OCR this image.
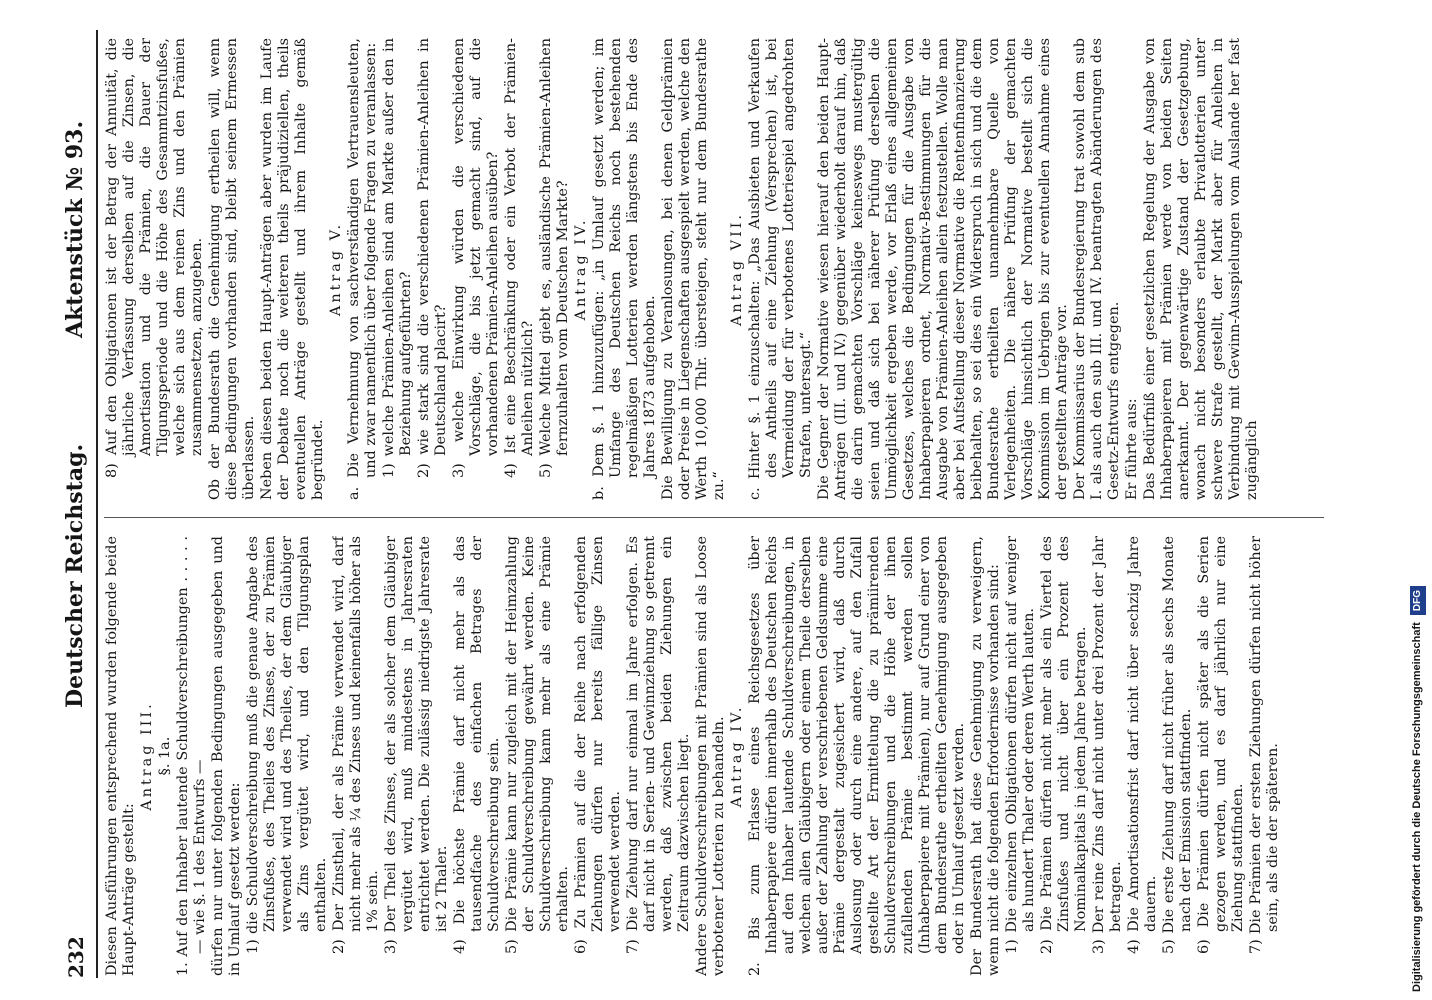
232
Deutscher Reichstag.
Aktenstück № 93.

Diesen Ausführungen entsprechend wurden folgende beide Haupt-Anträge gestellt:

Antrag III. §. 1a. 1. Auf den Inhaber lautende Schuldverschreibungen . . . . . — wie §. 1 des Entwurfs — dürfen nur unter folgenden Bedingungen ausgegeben und in Umlauf gesetzt werden: 1) die Schuldverschreibung muß die genaue Angabe des Zinsfußes, des Theiles des Zinses, der zu Prämien verwendet wird und des Theiles, der dem Gläubiger als Zins vergütet wird, und den Tilgungsplan enthalten. 2) Der Zinstheil, der als Prämie verwendet wird, darf nicht mehr als ¼ des Zinses und keinenfalls höher als 1% sein. 3) Der Theil des Zinses, der als solcher dem Gläubiger vergütet wird, muß mindestens in Jahresraten entrichtet werden. Die zulässig niedrigste Jahresrate ist 2 Thaler. 4) Die höchste Prämie darf nicht mehr als das tausendfache des einfachen Betrages der Schuldverschreibung sein. 5) Die Prämie kann nur zugleich mit der Heimzahlung der Schuldverschreibung gewährt werden. Keine Schuldverschreibung kann mehr als eine Prämie erhalten. 6) Zu Prämien auf die der Reihe nach erfolgenden Ziehungen dürfen nur bereits fällige Zinsen verwendet werden. 7) Die Ziehung darf nur einmal im Jahre erfolgen. Es darf nicht in Serien- und Gewinnziehung so getrennt werden, daß zwischen beiden Ziehungen ein Zeitraum dazwischen liegt. Andere Schuldverschreibungen mit Prämien sind als Loose verbotener Lotterien zu behandeln. Antrag IV. 2. Bis zum Erlasse eines Reichsgesetzes über Inhaberpapiere dürfen innerhalb des Deutschen Reichs auf den Inhaber lautende Schuldverschreibungen, in welchen allen Gläubigern oder einem Theile derselben außer der Zahlung der verschriebenen Geldsumme eine Prämie dergestalt zugesichert wird, daß durch Auslosung oder durch eine andere, auf den Zufall gestellte Art der Ermittelung die zu prämiirenden Schuldverschreibungen und die Höhe der ihnen zufallenden Prämie bestimmt werden sollen (Inhaberpapiere mit Prämien), nur auf Grund einer von dem Bundesrathe ertheilten Genehmigung ausgegeben oder in Umlauf gesetzt werden. Der Bundesrath hat diese Genehmigung zu verweigern, wenn nicht die folgenden Erfordernisse vorhanden sind: 1) Die einzelnen Obligationen dürfen nicht auf weniger als hundert Thaler oder deren Werth lauten. 2) Die Prämien dürfen nicht mehr als ein Viertel des Zinsfußes und nicht über ein Prozent des Nominalkapitals in jedem Jahre betragen. 3) Der reine Zins darf nicht unter drei Prozent der Jahr betragen. 4) Die Amortisationsfrist darf nicht über sechzig Jahre dauern. 5) Die erste Ziehung darf nicht früher als sechs Monate nach der Emission stattfinden. 6) Die Prämien dürfen nicht später als die Serien gezogen werden, und es darf jährlich nur eine Ziehung stattfinden. 7) Die Prämien der ersten Ziehungen dürfen nicht höher sein, als die der späteren.

8) Auf den Obligationen ist der Betrag der Annuität, die jährliche Verfassung derselben auf die Zinsen, die Amortisation und die Prämien, die Dauer der Tilgungsperiode und die Höhe des Gesammtzinsfußes, welche sich aus dem reinen Zins und den Prämien zusammensetzen, anzugeben. Ob der Bundesrath die Genehmigung ertheilen will, wenn diese Bedingungen vorhanden sind, bleibt seinem Ermessen überlassen. Neben diesen beiden Haupt-Anträgen aber wurden im Laufe der Debatte noch die weiteren theils präjudiziellen, theils eventuellen Anträge gestellt und ihrem Inhalte gemäß begründet.

Antrag V. a. Die Vernehmung von sachverständigen Vertrauensleuten, und zwar namentlich über folgende Fragen zu veranlassen: 1) welche Prämien-Anleihen sind am Markte außer den in Beziehung aufgeführten? 2) wie stark sind die verschiedenen Prämien-Anleihen in Deutschland placirt? 3) welche Einwirkung würden die verschiedenen Vorschläge, die bis jetzt gemacht sind, auf die vorhandenen Prämien-Anleihen ausüben? 4) Ist eine Beschränkung oder ein Verbot der Prämien-Anleihen nützlich? 5) Welche Mittel giebt es, ausländische Prämien-Anleihen fernzuhalten vom Deutschen Markte? Antrag IV. b. Dem §. 1 hinzuzufügen: „in Umlauf gesetzt werden; im Umfange des Deutschen Reichs noch bestehenden regelmäßigen Lotterien werden längstens bis Ende des Jahres 1873 aufgehoben. Die Bewilligung zu Veranlosungen, bei denen Geldprämien oder Preise in Liegenschaften ausgespielt werden, welche den Werth 10,000 Thlr. übersteigen, steht nur dem Bundesrathe zu.“

Antrag VII. c. Hinter §. 1 einzuschalten: „Das Ausbieten und Verkaufen des Antheils auf eine Ziehung (Versprechen) ist, bei Vermeidung der für verbotenes Lotteriespiel angedrohten Strafen, untersagt.“ Die Gegner der Normative wiesen hierauf den beiden Haupt-Anträgen (III. und IV.) gegenüber wiederholt darauf hin, daß die darin gemachten Vorschläge keineswegs mustergültig seien und daß sich bei näherer Prüfung derselben die Unmöglichkeit ergeben werde, vor Erlaß eines allgemeinen Gesetzes, welches die Bedingungen für die Ausgabe von Inhaberpapieren ordnet, Normativ-Bestimmungen für die Ausgabe von Prämien-Anleihen allein festzustellen. Wolle man aber bei Aufstellung dieser Normative die Rentenfinanzierung beibehalten, so sei dies ein Widerspruch in sich und die dem Bundesrathe ertheilten unannehmbare Quelle von Verlegenheiten. Die nähere Prüfung der gemachten Vorschläge hinsichtlich der Normative bestellt sich die Kommission im Uebrigen bis zur eventuellen Annahme eines der gestellten Anträge vor. Der Kommissarius der Bundesregierung trat sowohl dem sub I. als auch den sub III. und IV. beantragten Abänderungen des Gesetz-Entwurfs entgegen. Er führte aus: Das Bedürfniß einer gesetzlichen Regelung der Ausgabe von Inhaberpapieren mit Prämien werde von beiden Seiten anerkannt. Der gegenwärtige Zustand der Gesetzgebung, wonach nicht besonders erlaubte Privatlotterien unter schwere Strafe gestellt, der Markt aber für Anleihen in Verbindung mit Gewinn-Ausspielungen vom Auslande her fast zugänglich

Digitalisierung gefördert durch die Deutsche Forschungsgemeinschaft DFG
